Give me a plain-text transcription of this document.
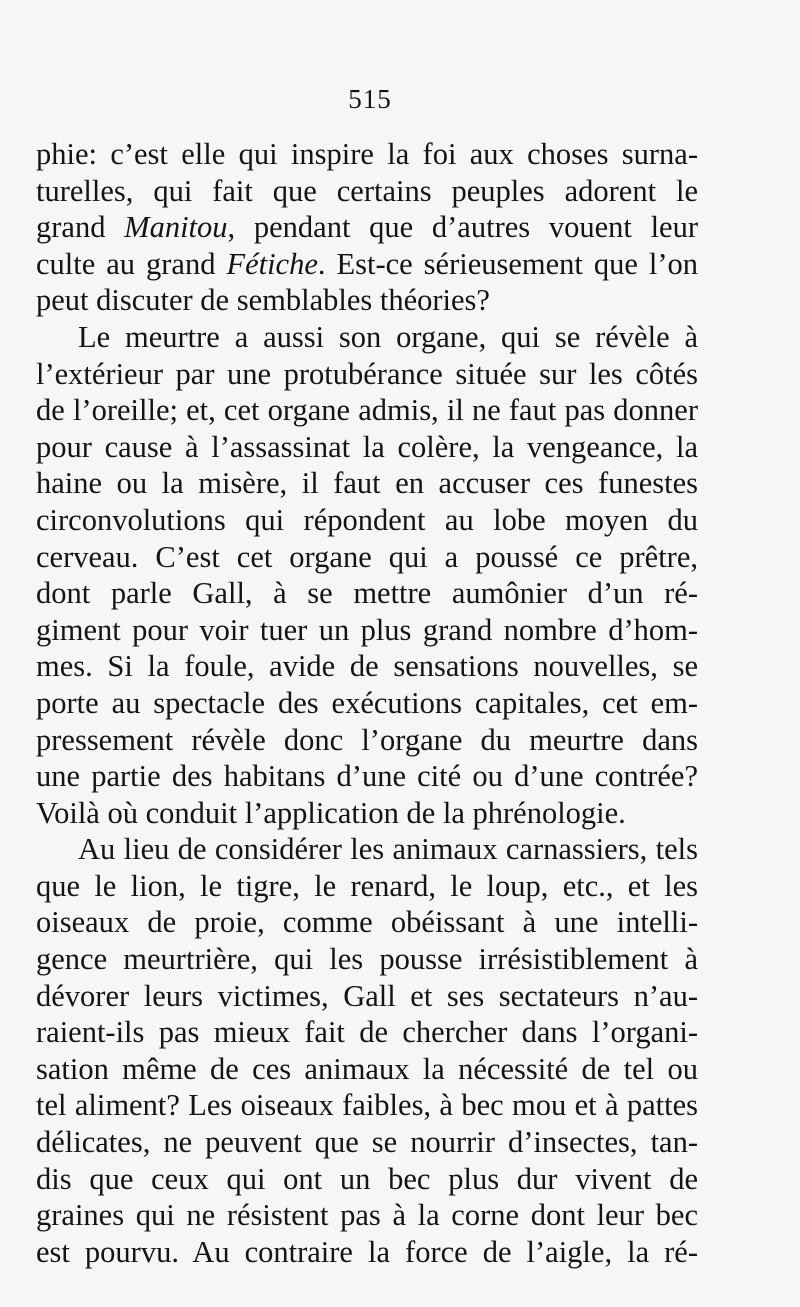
515
phie: c’est elle qui inspire la foi aux choses surna-
turelles, qui fait que certains peuples adorent le
grand Manitou, pendant que d’autres vouent leur
culte au grand Fétiche. Est-ce sérieusement que l’on
peut discuter de semblables théories?
Le meurtre a aussi son organe, qui se révèle à
l’extérieur par une protubérance située sur les côtés
de l’oreille; et, cet organe admis, il ne faut pas donner
pour cause à l’assassinat la colère, la vengeance, la
haine ou la misère, il faut en accuser ces funestes
circonvolutions qui répondent au lobe moyen du
cerveau. C’est cet organe qui a poussé ce prêtre,
dont parle Gall, à se mettre aumônier d’un ré-
giment pour voir tuer un plus grand nombre d’hom-
mes. Si la foule, avide de sensations nouvelles, se
porte au spectacle des exécutions capitales, cet em-
pressement révèle donc l’organe du meurtre dans
une partie des habitans d’une cité ou d’une contrée?
Voilà où conduit l’application de la phrénologie.
Au lieu de considérer les animaux carnassiers, tels
que le lion, le tigre, le renard, le loup, etc., et les
oiseaux de proie, comme obéissant à une intelli-
gence meurtrière, qui les pousse irrésistiblement à
dévorer leurs victimes, Gall et ses sectateurs n’au-
raient-ils pas mieux fait de chercher dans l’organi-
sation même de ces animaux la nécessité de tel ou
tel aliment? Les oiseaux faibles, à bec mou et à pattes
délicates, ne peuvent que se nourrir d’insectes, tan-
dis que ceux qui ont un bec plus dur vivent de
graines qui ne résistent pas à la corne dont leur bec
est pourvu. Au contraire la force de l’aigle, la ré-
